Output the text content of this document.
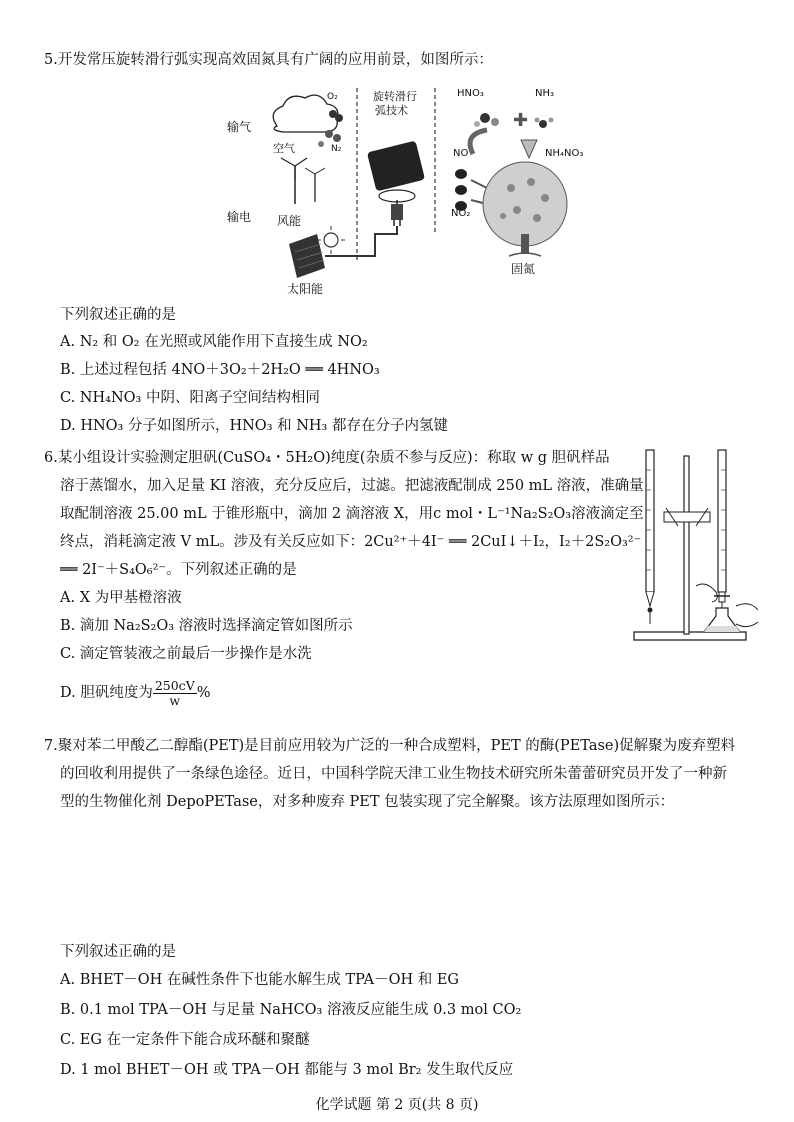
5.开发常压旋转滑行弧实现高效固氮具有广阔的应用前景，如图所示：
✚
输气
输电
O₂
空气	N₂
风能
太阳能
旋转滑行
弧技术
HNO₃	NH₃
NO	NH₄NO₃
NO₂
固氮
下列叙述正确的是
A. N₂ 和 O₂ 在光照或风能作用下直接生成 NO₂
B. 上述过程包括 4NO＋3O₂＋2H₂O ══ 4HNO₃
C. NH₄NO₃ 中阴、阳离子空间结构相同
D. HNO₃ 分子如图所示，HNO₃ 和 NH₃ 都存在分子内氢键
6.某小组设计实验测定胆矾(CuSO₄・5H₂O)纯度(杂质不参与反应)：称取 w g 胆矾样品
溶于蒸馏水，加入足量 KI 溶液，充分反应后，过滤。把滤液配制成 250 mL 溶液，准确量
取配制溶液 25.00 mL 于锥形瓶中，滴加 2 滴溶液 X，用c mol・L⁻¹Na₂S₂O₃溶液滴定至
终点，消耗滴定液 V mL。涉及有关反应如下：2Cu²⁺＋4I⁻ ══ 2CuI↓＋I₂，I₂＋2S₂O₃²⁻
══ 2I⁻＋S₄O₆²⁻。下列叙述正确的是
A. X 为甲基橙溶液
B. 滴加 Na₂S₂O₃ 溶液时选择滴定管如图所示
C. 滴定管装液之前最后一步操作是水洗
D. 胆矾纯度为 $\frac{250cV}{w}$ %
7.聚对苯二甲酸乙二醇酯(PET)是目前应用较为广泛的一种合成塑料，PET 的酶(PETase)促解聚为废弃塑料
的回收利用提供了一条绿色途径。近日，中国科学院天津工业生物技术研究所朱蕾蕾研究员开发了一种新
型的生物催化剂 DepoPETase，对多种废弃 PET 包装实现了完全解聚。该方法原理如图所示：
下列叙述正确的是
A. BHET－OH 在碱性条件下也能水解生成 TPA－OH 和 EG
B. 0.1 mol TPA－OH 与足量 NaHCO₃ 溶液反应能生成 0.3 mol CO₂
C. EG 在一定条件下能合成环醚和聚醚
D. 1 mol BHET－OH 或 TPA－OH 都能与 3 mol Br₂ 发生取代反应
化学试题 第 2 页(共 8 页)
